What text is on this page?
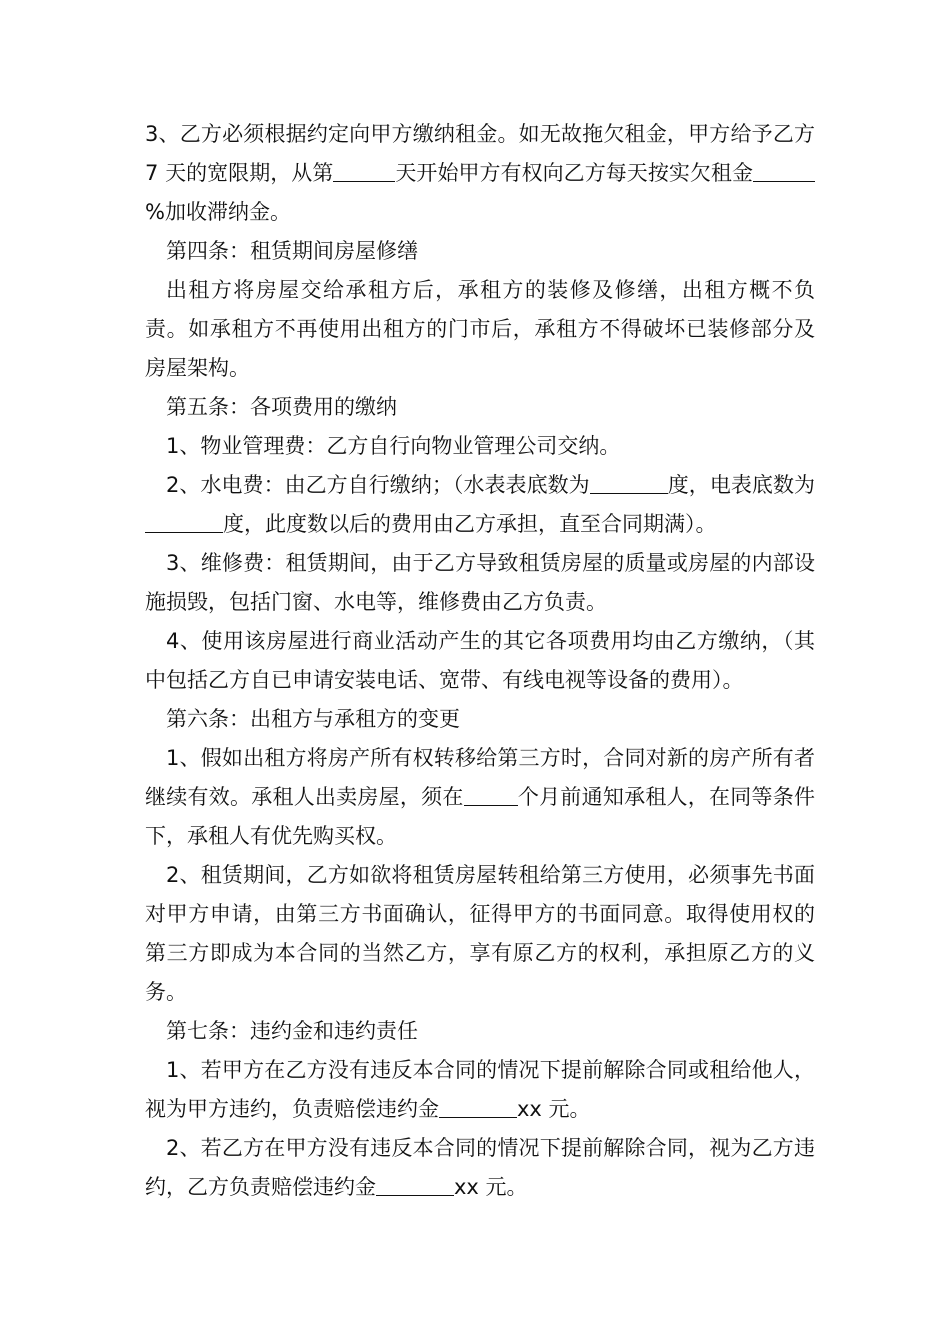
3、乙方必须根据约定向甲方缴纳租金。如无故拖欠租金，甲方给予乙方 7 天的宽限期，从第	天开始甲方有权向乙方每天按实欠租金%加收滞纳金。

第四条：租赁期间房屋修缮

出租方将房屋交给承租方后，承租方的装修及修缮，出租方概不负责。如承租方不再使用出租方的门市后，承租方不得破坏已装修部分及房屋架构。

第五条：各项费用的缴纳

1、物业管理费：乙方自行向物业管理公司交纳。

2、水电费：由乙方自行缴纳；（水表表底数为	度，电表底数为度，此度数以后的费用由乙方承担，直至合同期满）。

3、维修费：租赁期间，由于乙方导致租赁房屋的质量或房屋的内部设施损毁，包括门窗、水电等，维修费由乙方负责。

4、使用该房屋进行商业活动产生的其它各项费用均由乙方缴纳，（其中包括乙方自已申请安装电话、宽带、有线电视等设备的费用）。

第六条：出租方与承租方的变更

1、假如出租方将房产所有权转移给第三方时，合同对新的房产所有者继续有效。承租人出卖房屋，须在	个月前通知承租人，在同等条件下，承租人有优先购买权。

2、租赁期间，乙方如欲将租赁房屋转租给第三方使用，必须事先书面对甲方申请，由第三方书面确认，征得甲方的书面同意。取得使用权的第三方即成为本合同的当然乙方，享有原乙方的权利，承担原乙方的义务。

第七条：违约金和违约责任

1、若甲方在乙方没有违反本合同的情况下提前解除合同或租给他人，视为甲方违约，负责赔偿违约金	xx 元。

2、若乙方在甲方没有违反本合同的情况下提前解除合同，视为乙方违约，乙方负责赔偿违约金	xx 元。
